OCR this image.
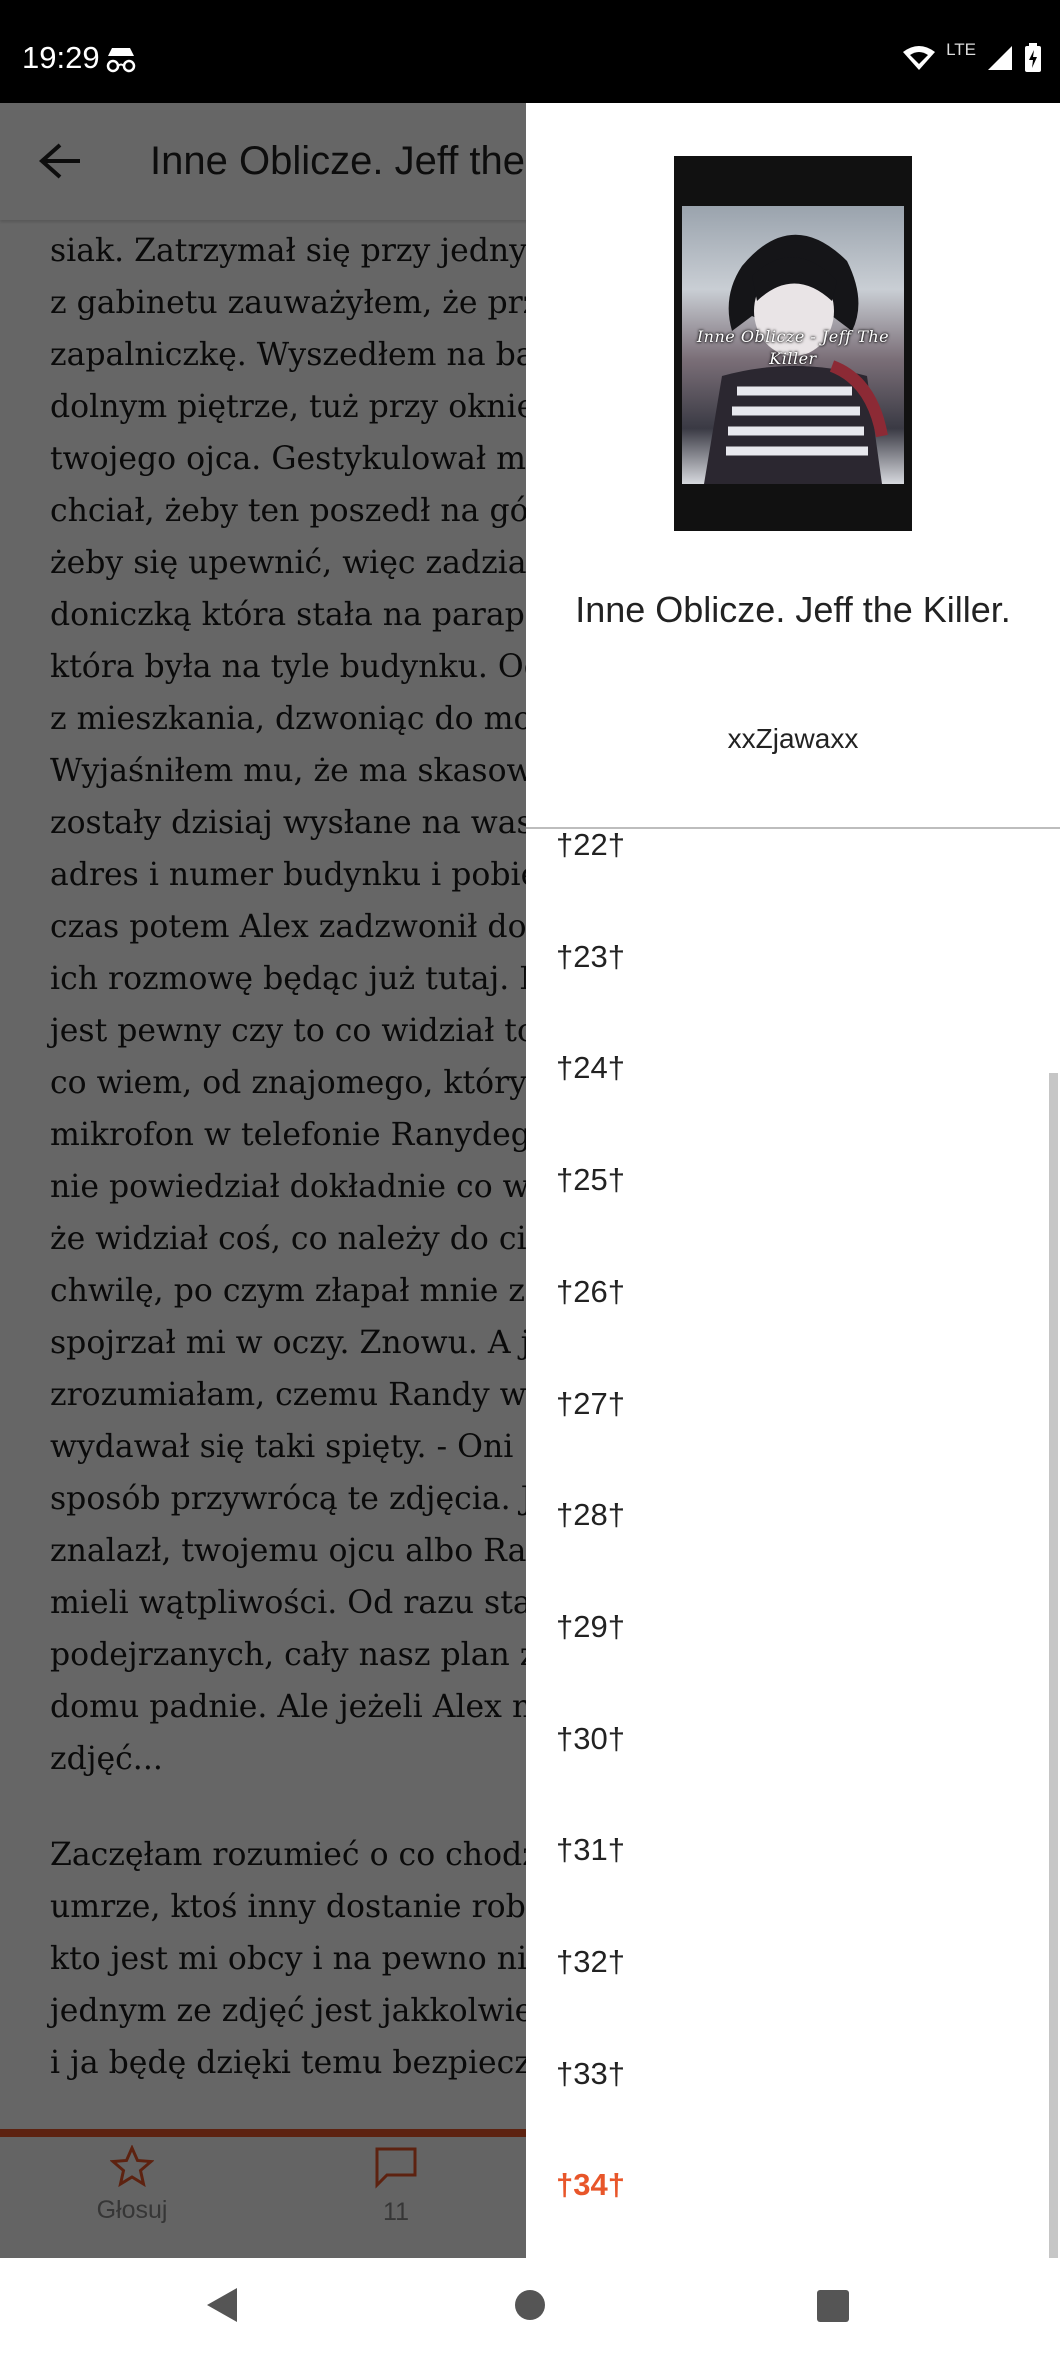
19:29	LTE

Inne Oblicze - Jeff The Killer
Inne Oblicze. Jeff the Killer.
xxZjawaxx
†22†
†23†
†24†
†25†
†26†
†27†
†28†
†29†
†30†
†31†
†32†
†33†
†34†
